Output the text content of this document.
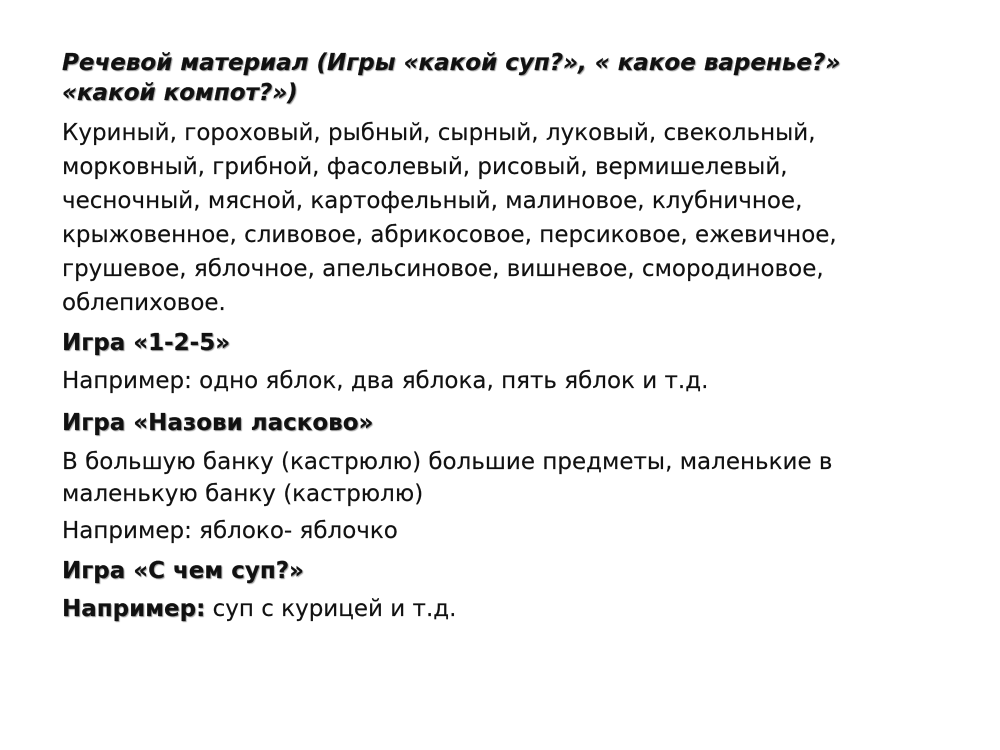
Речевой материал (Игры «какой суп?», « какое варенье?»
«какой компот?»)
Куриный, гороховый, рыбный, сырный, луковый, свекольный,
морковный, грибной, фасолевый, рисовый, вермишелевый,
чесночный, мясной, картофельный, малиновое, клубничное,
крыжовенное, сливовое, абрикосовое, персиковое, ежевичное,
грушевое, яблочное, апельсиновое, вишневое, смородиновое,
облепиховое.
Игра «1-2-5»
Например: одно яблок, два яблока, пять яблок и т.д.
Игра «Назови ласково»
В большую банку (кастрюлю) большие предметы, маленькие в
маленькую банку (кастрюлю)
Например: яблоко- яблочко
Игра «С чем суп?»
Например: суп с курицей и т.д.
